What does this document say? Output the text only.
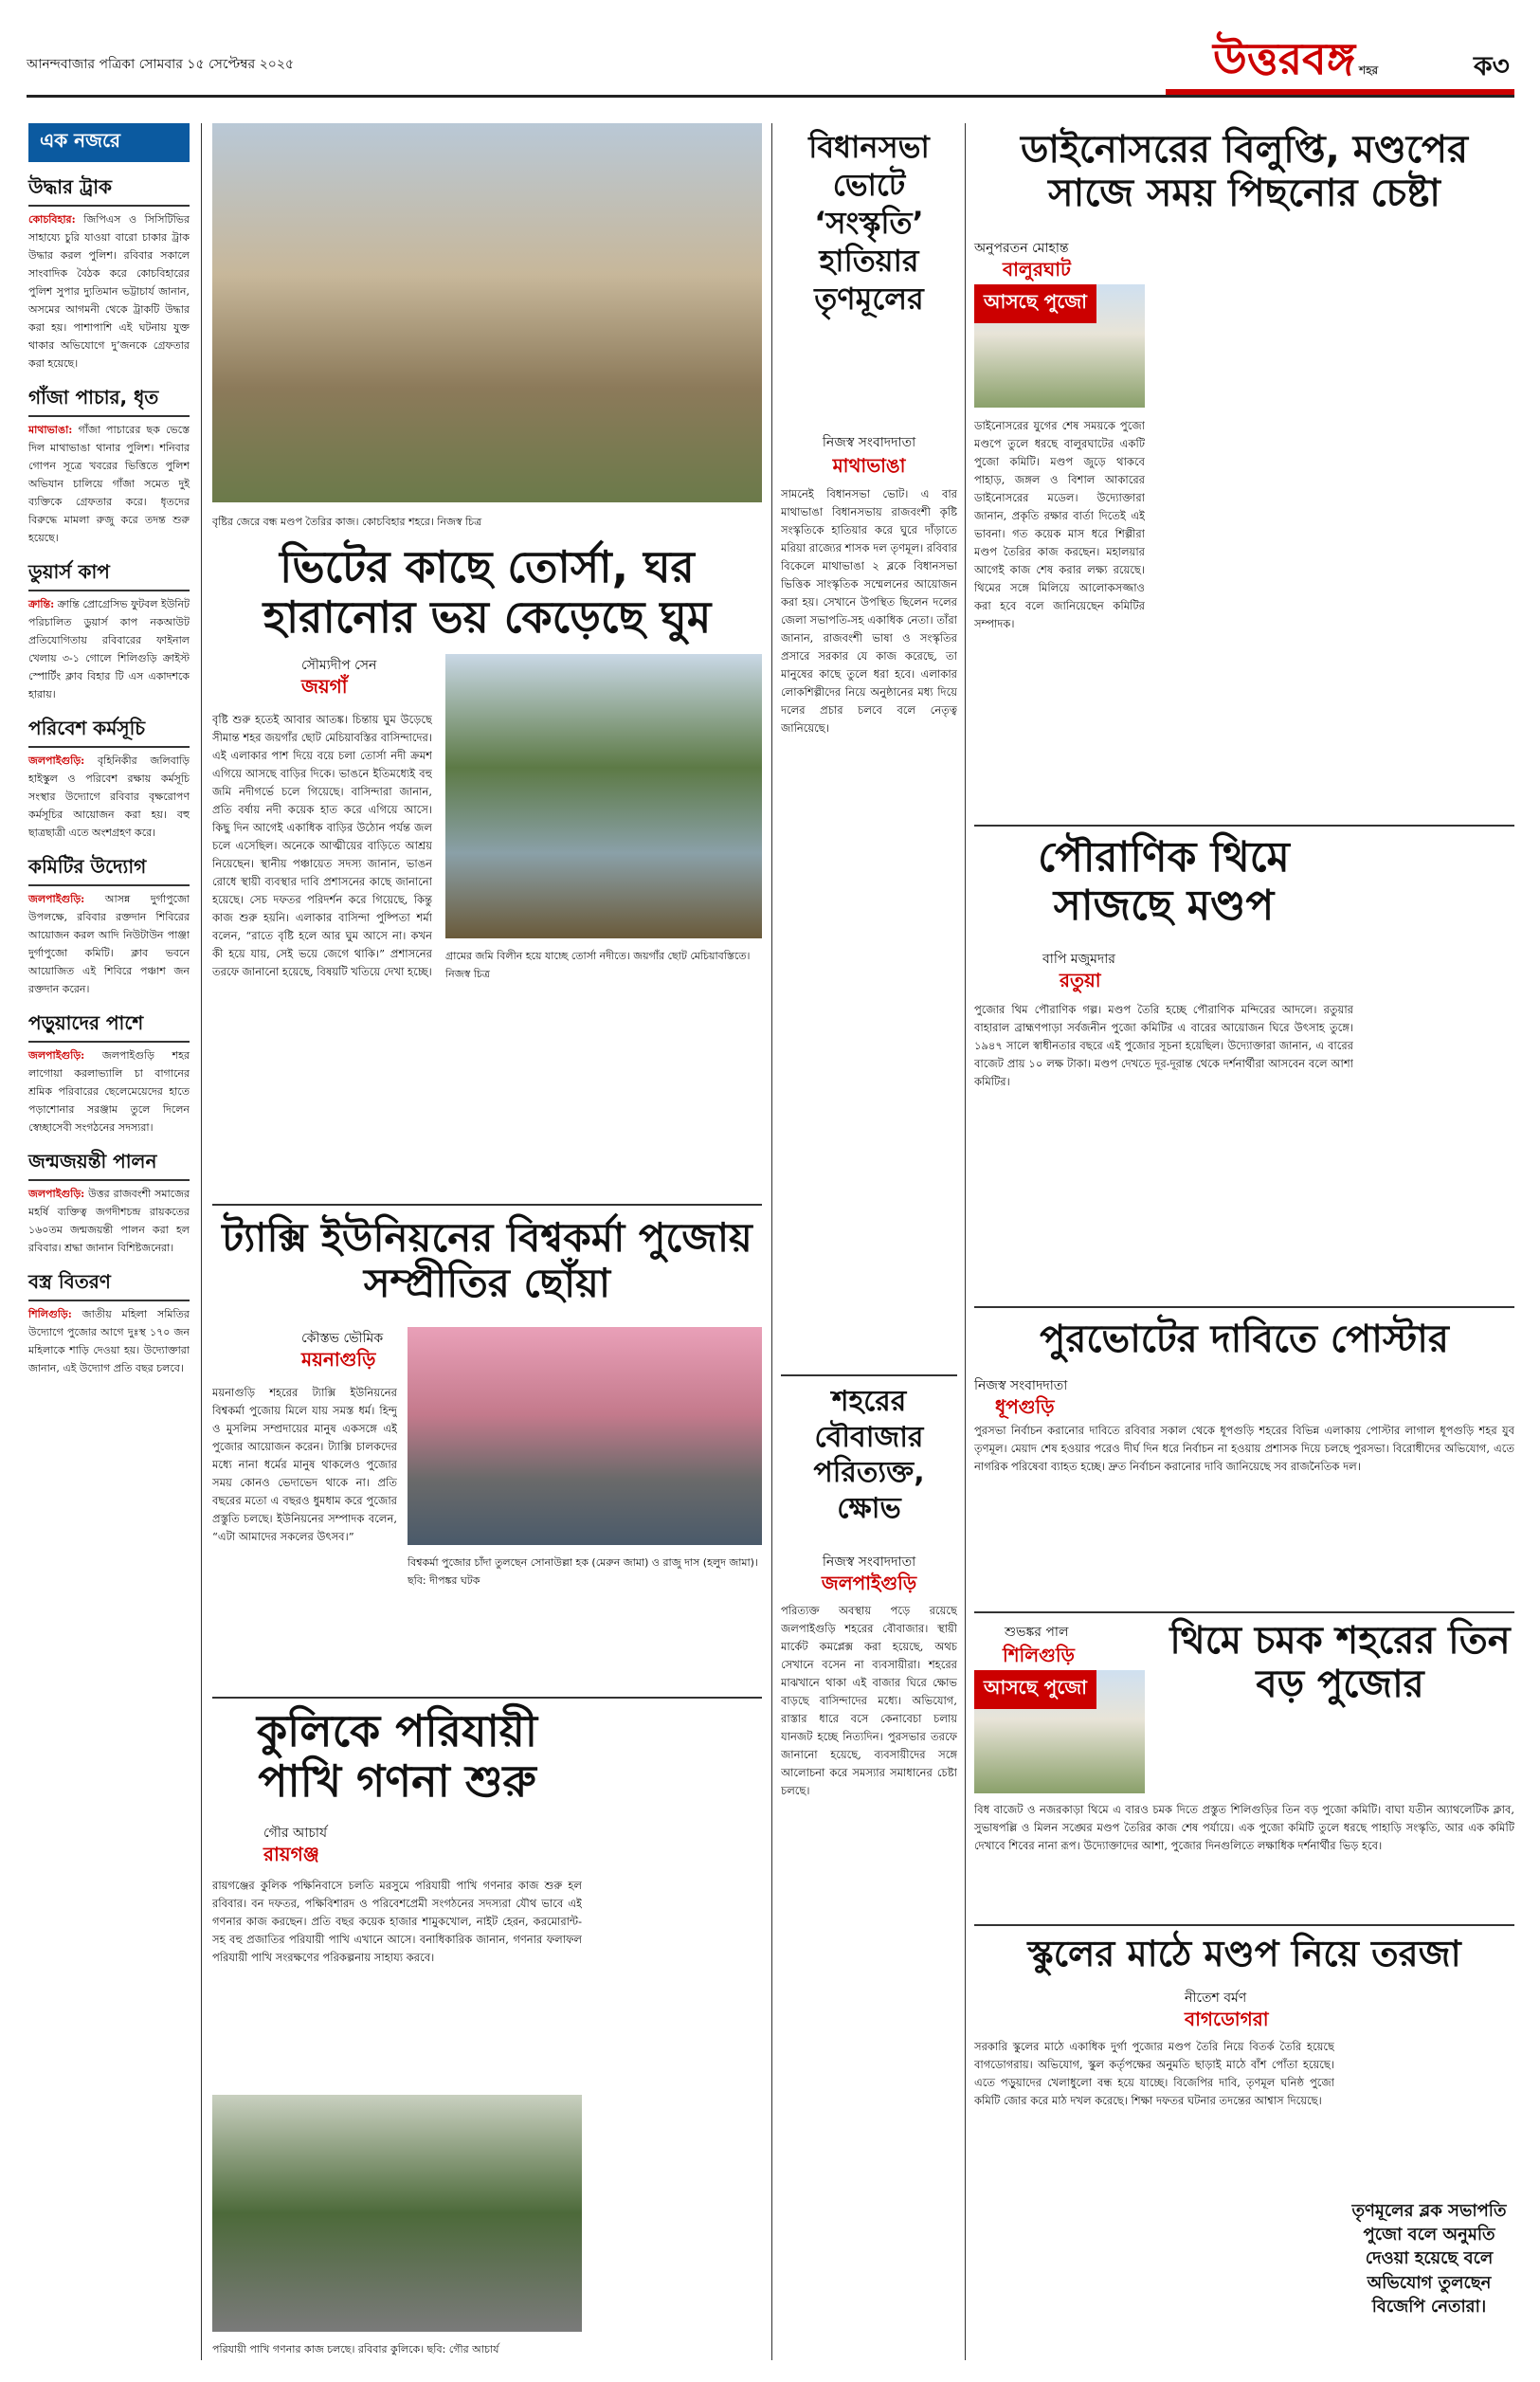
আনন্দবাজার পত্রিকা সোমবার ১৫ সেপ্টেম্বর ২০২৫	উত্তরবঙ্গ শহর	ক৩
এক নজরে
উদ্ধার ট্রাক
কোচবিহার: জিপিএস ও সিসিটিভির সাহায্যে চুরি যাওয়া বারো চাকার ট্রাক উদ্ধার করল পুলিশ। রবিবার সকালে সাংবাদিক বৈঠক করে কোচবিহারের পুলিশ সুপার দ্যুতিমান ভট্টাচার্য জানান, অসমের আগমনী থেকে ট্রাকটি উদ্ধার করা হয়। পাশাপাশি এই ঘটনায় যুক্ত থাকার অভিযোগে দু’জনকে গ্রেফতার করা হয়েছে।
গাঁজা পাচার, ধৃত
মাথাভাঙা: গাঁজা পাচারের ছক ভেস্তে দিল মাথাভাঙা থানার পুলিশ। শনিবার গোপন সূত্রে খবরের ভিত্তিতে পুলিশ অভিযান চালিয়ে গাঁজা সমেত দুই ব্যক্তিকে গ্রেফতার করে। ধৃতদের বিরুদ্ধে মামলা রুজু করে তদন্ত শুরু হয়েছে।
ডুয়ার্স কাপ
ক্রান্তি: ক্রান্তি প্রোগ্রেসিভ ফুটবল ইউনিট পরিচালিত ডুয়ার্স কাপ নকআউট প্রতিযোগিতায় রবিবারের ফাইনাল খেলায় ৩-১ গোলে শিলিগুড়ি ক্রাইস্ট স্পোর্টিং ক্লাব বিহার টি এস একাদশকে হারায়।
পরিবেশ কর্মসূচি
জলপাইগুড়ি: বৃহিনিকীর জলিবাড়ি হাইস্কুল ও পরিবেশ রক্ষায় কর্মসূচি সংস্থার উদ্যোগে রবিবার বৃক্ষরোপণ কর্মসূচির আয়োজন করা হয়। বহু ছাত্রছাত্রী এতে অংশগ্রহণ করে।
কমিটির উদ্যোগ
জলপাইগুড়ি: আসন্ন দুর্গাপুজো উপলক্ষে, রবিবার রক্তদান শিবিরের আয়োজন করল আদি নিউটাউন পাঞ্জা দুর্গাপুজো কমিটি। ক্লাব ভবনে আয়োজিত এই শিবিরে পঞ্চাশ জন রক্তদান করেন।
পড়ুয়াদের পাশে
জলপাইগুড়ি: জলপাইগুড়ি শহর লাগোয়া করলাভ্যালি চা বাগানের শ্রমিক পরিবারের ছেলেমেয়েদের হাতে পড়াশোনার সরঞ্জাম তুলে দিলেন স্বেচ্ছাসেবী সংগঠনের সদস্যরা।
জন্মজয়ন্তী পালন
জলপাইগুড়ি: উত্তর রাজবংশী সমাজের মহর্ষি ব্যক্তিত্ব জগদীশচন্দ্র রায়কতের ১৬০তম জন্মজয়ন্তী পালন করা হল রবিবার। শ্রদ্ধা জানান বিশিষ্টজনেরা।
বস্ত্র বিতরণ
শিলিগুড়ি: জাতীয় মহিলা সমিতির উদ্যোগে পুজোর আগে দুঃস্থ ১৭০ জন মহিলাকে শাড়ি দেওয়া হয়। উদ্যোক্তারা জানান, এই উদ্যোগ প্রতি বছর চলবে।
বৃষ্টির জেরে বন্ধ মণ্ডপ তৈরির কাজ। কোচবিহার শহরে। নিজস্ব চিত্র
ভিটের কাছে তোর্সা, ঘর হারানোর ভয় কেড়েছে ঘুম
সৌম্যদীপ সেন
জয়গাঁ
গ্রামের জমি বিলীন হয়ে যাচ্ছে তোর্সা নদীতে। জয়গাঁর ছোট মেচিয়াবস্তিতে। নিজস্ব চিত্র
বৃষ্টি শুরু হতেই আবার আতঙ্ক। চিন্তায় ঘুম উড়েছে সীমান্ত শহর জয়গাঁর ছোট মেচিয়াবস্তির বাসিন্দাদের। এই এলাকার পাশ দিয়ে বয়ে চলা তোর্সা নদী ক্রমশ এগিয়ে আসছে বাড়ির দিকে। ভাঙনে ইতিমধ্যেই বহু জমি নদীগর্ভে চলে গিয়েছে। বাসিন্দারা জানান, প্রতি বর্ষায় নদী কয়েক হাত করে এগিয়ে আসে। কিছু দিন আগেই একাধিক বাড়ির উঠোন পর্যন্ত জল চলে এসেছিল। অনেকে আত্মীয়ের বাড়িতে আশ্রয় নিয়েছেন। স্থানীয় পঞ্চায়েত সদস্য জানান, ভাঙন রোধে স্থায়ী ব্যবস্থার দাবি প্রশাসনের কাছে জানানো হয়েছে। সেচ দফতর পরিদর্শন করে গিয়েছে, কিন্তু কাজ শুরু হয়নি। এলাকার বাসিন্দা পুষ্পিতা শর্মা বলেন, “রাতে বৃষ্টি হলে আর ঘুম আসে না। কখন কী হয়ে যায়, সেই ভয়ে জেগে থাকি।” প্রশাসনের তরফে জানানো হয়েছে, বিষয়টি খতিয়ে দেখা হচ্ছে।
ট্যাক্সি ইউনিয়নের বিশ্বকর্মা পুজোয় সম্প্রীতির ছোঁয়া
কৌস্তভ ভৌমিক
ময়নাগুড়ি
বিশ্বকর্মা পুজোর চাঁদা তুলছেন সোনাউল্লা হক (মেরুন জামা) ও রাজু দাস (হলুদ জামা)। ছবি: দীপঙ্কর ঘটক
ময়নাগুড়ি শহরের ট্যাক্সি ইউনিয়নের বিশ্বকর্মা পুজোয় মিলে যায় সমস্ত ধর্ম। হিন্দু ও মুসলিম সম্প্রদায়ের মানুষ একসঙ্গে এই পুজোর আয়োজন করেন। ট্যাক্সি চালকদের মধ্যে নানা ধর্মের মানুষ থাকলেও পুজোর সময় কোনও ভেদাভেদ থাকে না। প্রতি বছরের মতো এ বছরও ধুমধাম করে পুজোর প্রস্তুতি চলছে। ইউনিয়নের সম্পাদক বলেন, “এটা আমাদের সকলের উৎসব।”
কুলিকে পরিযায়ী পাখি গণনা শুরু
গৌর আচার্য
রায়গঞ্জ
রায়গঞ্জের কুলিক পক্ষিনিবাসে চলতি মরসুমে পরিযায়ী পাখি গণনার কাজ শুরু হল রবিবার। বন দফতর, পক্ষিবিশারদ ও পরিবেশপ্রেমী সংগঠনের সদস্যরা যৌথ ভাবে এই গণনার কাজ করছেন। প্রতি বছর কয়েক হাজার শামুকখোল, নাইট হেরন, করমোরান্ট-সহ বহু প্রজাতির পরিযায়ী পাখি এখানে আসে। বনাধিকারিক জানান, গণনার ফলাফল পরিযায়ী পাখি সংরক্ষণের পরিকল্পনায় সাহায্য করবে।
পরিযায়ী পাখি গণনার কাজ চলছে। রবিবার কুলিকে। ছবি: গৌর আচার্য
বিধানসভা ভোটে ‘সংস্কৃতি’ হাতিয়ার তৃণমূলের
নিজস্ব সংবাদদাতা
মাথাভাঙা
সামনেই বিধানসভা ভোট। এ বার মাথাভাঙা বিধানসভায় রাজবংশী কৃষ্টি সংস্কৃতিকে হাতিয়ার করে ঘুরে দাঁড়াতে মরিয়া রাজ্যের শাসক দল তৃণমূল। রবিবার বিকেলে মাথাভাঙা ২ ব্লকে বিধানসভা ভিত্তিক সাংস্কৃতিক সম্মেলনের আয়োজন করা হয়। সেখানে উপস্থিত ছিলেন দলের জেলা সভাপতি-সহ একাধিক নেতা। তাঁরা জানান, রাজবংশী ভাষা ও সংস্কৃতির প্রসারে সরকার যে কাজ করেছে, তা মানুষের কাছে তুলে ধরা হবে। এলাকার লোকশিল্পীদের নিয়ে অনুষ্ঠানের মধ্য দিয়ে দলের প্রচার চলবে বলে নেতৃত্ব জানিয়েছে।
শহরের বৌবাজার পরিত্যক্ত, ক্ষোভ
নিজস্ব সংবাদদাতা
জলপাইগুড়ি
পরিত্যক্ত অবস্থায় পড়ে রয়েছে জলপাইগুড়ি শহরের বৌবাজার। স্থায়ী মার্কেট কমপ্লেক্স করা হয়েছে, অথচ সেখানে বসেন না ব্যবসায়ীরা। শহরের মাঝখানে থাকা এই বাজার ঘিরে ক্ষোভ বাড়ছে বাসিন্দাদের মধ্যে। অভিযোগ, রাস্তার ধারে বসে কেনাবেচা চলায় যানজট হচ্ছে নিত্যদিন। পুরসভার তরফে জানানো হয়েছে, ব্যবসায়ীদের সঙ্গে আলোচনা করে সমস্যার সমাধানের চেষ্টা চলছে।
ডাইনোসরের বিলুপ্তি, মণ্ডপের সাজে সময় পিছনোর চেষ্টা
অনুপরতন মোহান্ত
বালুরঘাট
আসছে পুজো
ডাইনোসরের যুগের শেষ সময়কে পুজো মণ্ডপে তুলে ধরছে বালুরঘাটের একটি পুজো কমিটি। মণ্ডপ জুড়ে থাকবে পাহাড়, জঙ্গল ও বিশাল আকারের ডাইনোসরের মডেল। উদ্যোক্তারা জানান, প্রকৃতি রক্ষার বার্তা দিতেই এই ভাবনা। গত কয়েক মাস ধরে শিল্পীরা মণ্ডপ তৈরির কাজ করছেন। মহালয়ার আগেই কাজ শেষ করার লক্ষ্য রয়েছে। থিমের সঙ্গে মিলিয়ে আলোকসজ্জাও করা হবে বলে জানিয়েছেন কমিটির সম্পাদক।
পৌরাণিক থিমে সাজছে মণ্ডপ
বাপি মজুমদার
রতুয়া
পুজোর থিম পৌরাণিক গল্প। মণ্ডপ তৈরি হচ্ছে পৌরাণিক মন্দিরের আদলে। রতুয়ার বাহারাল ব্রাহ্মণপাড়া সর্বজনীন পুজো কমিটির এ বারের আয়োজন ঘিরে উৎসাহ তুঙ্গে। ১৯৪৭ সালে স্বাধীনতার বছরে এই পুজোর সূচনা হয়েছিল। উদ্যোক্তারা জানান, এ বারের বাজেট প্রায় ১০ লক্ষ টাকা। মণ্ডপ দেখতে দূর-দূরান্ত থেকে দর্শনার্থীরা আসবেন বলে আশা কমিটির।
পুরভোটের দাবিতে পোস্টার
নিজস্ব সংবাদদাতা
ধূপগুড়ি
পুরসভা নির্বাচন করানোর দাবিতে রবিবার সকাল থেকে ধূপগুড়ি শহরের বিভিন্ন এলাকায় পোস্টার লাগাল ধূপগুড়ি শহর যুব তৃণমূল। মেয়াদ শেষ হওয়ার পরেও দীর্ঘ দিন ধরে নির্বাচন না হওয়ায় প্রশাসক দিয়ে চলছে পুরসভা। বিরোধীদের অভিযোগ, এতে নাগরিক পরিষেবা ব্যাহত হচ্ছে। দ্রুত নির্বাচন করানোর দাবি জানিয়েছে সব রাজনৈতিক দল।
শুভঙ্কর পাল
শিলিগুড়ি	থিমে চমক শহরের তিন বড় পুজোর
আসছে পুজো
বিধ বাজেট ও নজরকাড়া থিমে এ বারও চমক দিতে প্রস্তুত শিলিগুড়ির তিন বড় পুজো কমিটি। বাঘা যতীন অ্যাথলেটিক ক্লাব, সুভাষপল্লি ও মিলন সঙ্ঘের মণ্ডপ তৈরির কাজ শেষ পর্যায়ে। এক পুজো কমিটি তুলে ধরছে পাহাড়ি সংস্কৃতি, আর এক কমিটি দেখাবে শিবের নানা রূপ। উদ্যোক্তাদের আশা, পুজোর দিনগুলিতে লক্ষাধিক দর্শনার্থীর ভিড় হবে।
স্কুলের মাঠে মণ্ডপ নিয়ে তরজা
নীতেশ বর্মণ
বাগডোগরা
সরকারি স্কুলের মাঠে একাধিক দুর্গা পুজোর মণ্ডপ তৈরি নিয়ে বিতর্ক তৈরি হয়েছে বাগডোগরায়। অভিযোগ, স্কুল কর্তৃপক্ষের অনুমতি ছাড়াই মাঠে বাঁশ পোঁতা হয়েছে। এতে পড়ুয়াদের খেলাধুলো বন্ধ হয়ে যাচ্ছে। বিজেপির দাবি, তৃণমূল ঘনিষ্ঠ পুজো কমিটি জোর করে মাঠ দখল করেছে। শিক্ষা দফতর ঘটনার তদন্তের আশ্বাস দিয়েছে।
তৃণমূলের ব্লক সভাপতি পুজো বলে অনুমতি দেওয়া হয়েছে বলে অভিযোগ তুলছেন বিজেপি নেতারা।
